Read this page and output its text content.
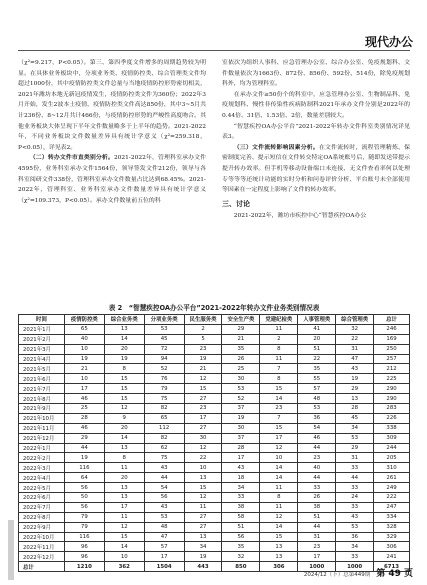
现代办公

（χ²=9.217，P<0.05）。第三、第四季度文件增多的周期趋势较为明显。在具体业务板块中，分项业务类、疫情防控类、综合管理类文件均超过1000份，其中疫情防控类文件总量与当地疫情防控形势密切相关，2021年潍坊本地无新冠疫情发生，疫情防控类文件为360份；2022年3月开始，发生2波本土疫情，疫情防控类文件高达850份，其中3~5月共计236份、8~12月共计466份，与疫情防控形势的严峻性高度吻合。其他业务板块大体呈现下半年文件数量略多于上半年的趋势。2021-2022年，不同业务板块文件数量差异具有统计学意义（χ²=259.318，P<0.05），详见表2。

（二）转办文件市直类别分析。2021-2022年，管理科室承办文件4595份，业务科室承办文件1564份，领导签发文件212份，领导与各科室阅研文件338份，管理科室承办文件数量占比达到68.45%。2021-2022年，管理科室、业务科室承办文件数量差异具有统计学意义（χ²=109.373，P<0.05）。承办文件数量前五位的科

室依次为组织人事科、应急管理办公室、综合办公室、免疫规划科、文件数量依次为1663份、872份、856份、592份、514份，除免疫规划科外，均为管理科室。

在承办文件≥50份个的科室中，应急管理办公室、生物制品科、免疫规划科、慢性非传染性疾病防制科2021年承办文件分别是2022年的0.44倍、31倍、1.53倍、2倍，数量差别较大。

“智慧疾控OA办公平台”2021-2022年转办文件科室类别情况详见表3。

（三）文件流转影响因素分析。在文件流转时，流程管理精炼、保密制度完善、提示短信在文件转交特定OA系统账号后，随即发送带提示提升转办效率。但手机等移动设备端口未连接、无文件查看率何以处理专等等等还统计功能的实时分析和问卷评价分析、平台账号未全部使用等因素在一定程度上影响了文件的转办效率。

三、讨论

2021-2022年，潍坊市疾控中心“智慧疾控OA办公

表 2　“智慧疾控OA办公平台”2021-2022年转办文件业务类别情况表
时间	疫情防控类	综合业务类	分项业务类	民生服务类	安全生产类	党建纪检类	人事管理类	综合管理类	总计
2021年1月	65	13	53	2	29	11	41	32	246
2021年2月	40	14	45	5	21	2	20	22	169
2021年3月	10	20	72	23	35	8	51	31	250
2021年4月	19	19	94	19	26	11	22	47	257
2021年5月	21	8	52	21	25	7	35	43	212
2021年6月	10	15	76	12	30	8	55	19	225
2021年7月	17	15	79	15	53	15	57	29	290
2021年8月	46	15	75	27	52	14	48	13	290
2021年9月	25	12	82	23	37	23	53	28	283
2021年10月	28	9	65	17	19	7	36	45	226
2021年11月	46	20	112	27	30	15	54	34	338
2021年12月	29	14	82	30	37	17	46	53	309
2022年1月	44	13	62	12	28	12	44	29	244
2022年2月	19	8	75	22	17	10	23	31	205
2022年3月	116	11	43	10	43	14	40	33	310
2022年4月	64	20	44	13	18	14	44	44	261
2022年5月	56	13	54	15	34	11	33	33	249
2022年6月	50	13	56	12	33	8	26	24	222
2022年7月	56	17	43	11	38	11	38	33	247
2022年8月	79	11	53	27	58	12	51	43	334
2022年9月	79	12	48	27	51	14	44	53	328
2022年10月	116	15	47	13	56	15	31	36	329
2022年11月	96	14	57	34	35	13	23	34	306
2022年12月	96	10	17	19	32	13	17	33	241
总计	1210	362	1504	443	850	306	1000	1000	6713
2024/12（下）总第449期 第 49 页
